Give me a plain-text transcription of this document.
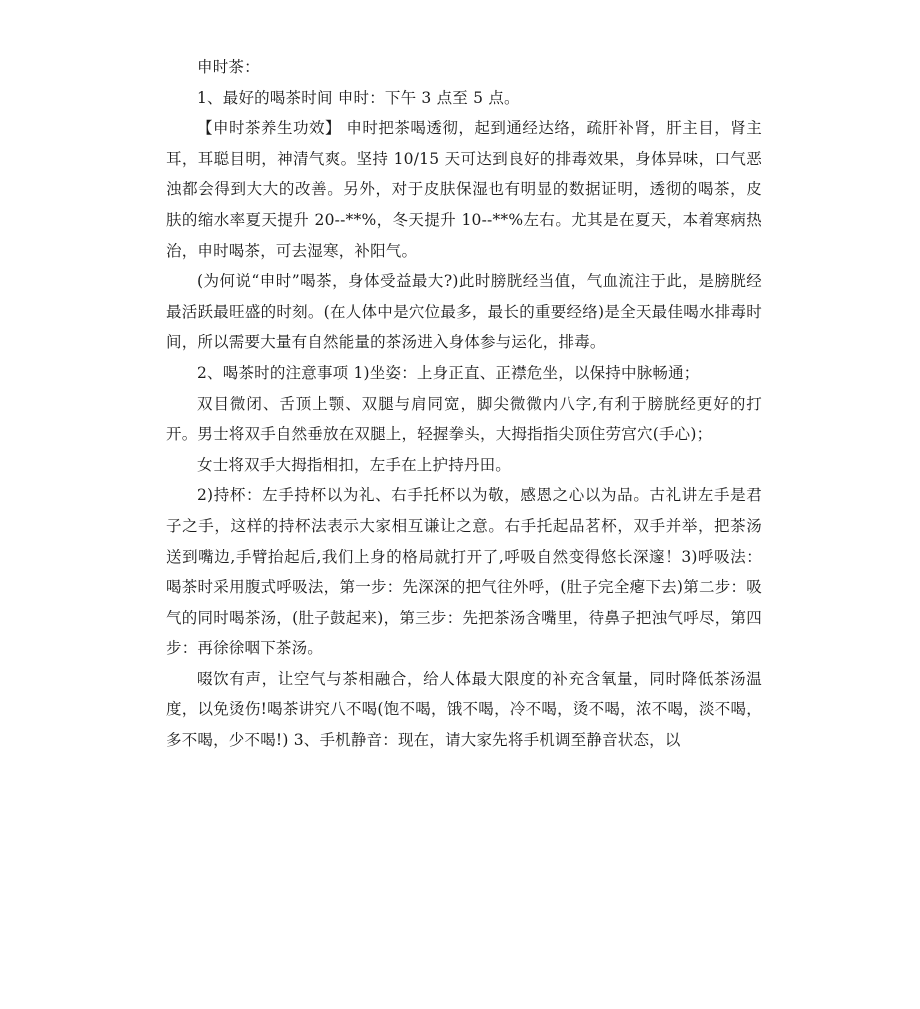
申时茶：

1、最好的喝茶时间 申时：下午 3 点至 5 点。

【申时茶养生功效】 申时把茶喝透彻，起到通经达络，疏肝补肾，肝主目，肾主耳，耳聪目明，神清气爽。坚持 10/15 天可达到良好的排毒效果，身体异味，口气恶浊都会得到大大的改善。另外，对于皮肤保湿也有明显的数据证明，透彻的喝茶，皮肤的缩水率夏天提升 20--**%，冬天提升 10--**%左右。尤其是在夏天，本着寒病热治，申时喝茶，可去湿寒，补阳气。

(为何说“申时”喝茶，身体受益最大?)此时膀胱经当值，气血流注于此，是膀胱经最活跃最旺盛的时刻。(在人体中是穴位最多，最长的重要经络)是全天最佳喝水排毒时间，所以需要大量有自然能量的茶汤进入身体参与运化，排毒。

2、喝茶时的注意事项 1)坐姿：上身正直、正襟危坐，以保持中脉畅通；

双目微闭、舌顶上颚、双腿与肩同宽，脚尖微微内八字,有利于膀胱经更好的打开。男士将双手自然垂放在双腿上，轻握拳头，大拇指指尖顶住劳宫穴(手心)；

女士将双手大拇指相扣，左手在上护持丹田。

2)持杯：左手持杯以为礼、右手托杯以为敬，感恩之心以为品。古礼讲左手是君子之手，这样的持杯法表示大家相互谦让之意。右手托起品茗杯，双手并举，把茶汤送到嘴边,手臂抬起后,我们上身的格局就打开了,呼吸自然变得悠长深邃！3)呼吸法：喝茶时采用腹式呼吸法，第一步：先深深的把气往外呼，(肚子完全瘪下去)第二步：吸气的同时喝茶汤，(肚子鼓起来)，第三步：先把茶汤含嘴里，待鼻子把浊气呼尽，第四步：再徐徐咽下茶汤。

啜饮有声，让空气与茶相融合，给人体最大限度的补充含氧量，同时降低茶汤温度，以免烫伤!喝茶讲究八不喝(饱不喝，饿不喝，冷不喝，烫不喝，浓不喝，淡不喝，多不喝，少不喝!) 3、手机静音：现在，请大家先将手机调至静音状态，以
